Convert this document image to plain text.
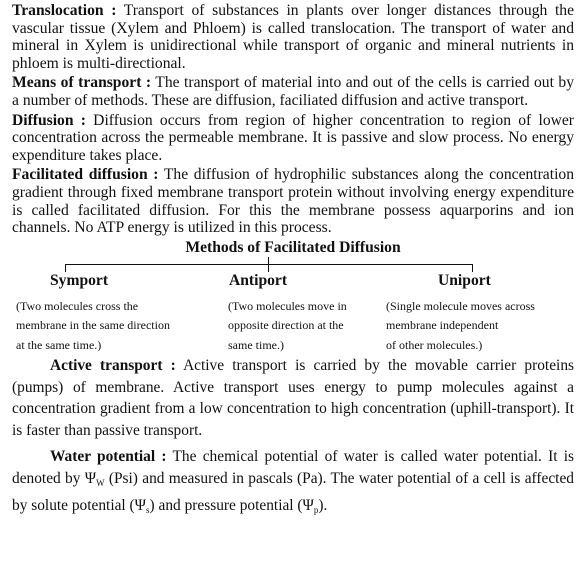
Translocation : Transport of substances in plants over longer distances through the vascular tissue (Xylem and Phloem) is called translocation. The transport of water and mineral in Xylem is unidirectional while transport of organic and mineral nutrients in phloem is multi-directional.

Means of transport : The transport of material into and out of the cells is carried out by a number of methods. These are diffusion, faciliated diffusion and active transport.

Diffusion : Diffusion occurs from region of higher concentration to region of lower concentration across the permeable membrane. It is passive and slow process. No energy expenditure takes place.

Facilitated diffusion : The diffusion of hydrophilic substances along the concentration gradient through fixed membrane transport protein without involving energy expenditure is called facilitated diffusion. For this the membrane possess aquarporins and ion channels. No ATP energy is utilized in this process.

Methods of Facilitated Diffusion
Symport	Antiport	Uniport
(Two molecules cross the
membrane in the same direction
at the same time.)
(Two molecules move in
opposite direction at the
same time.)
(Single molecule moves across
membrane independent
of other molecules.)

Active transport : Active transport is carried by the movable carrier proteins (pumps) of membrane. Active transport uses energy to pump molecules against a concentration gradient from a low concentration to high concentration (uphill-transport). It is faster than passive transport.

Water potential : The chemical potential of water is called water potential. It is denoted by $\Psi_W$ (Psi) and measured in pascals (Pa). The water potential of a cell is affected by solute potential $(\Psi_s)$ and pressure potential $(\Psi_p)$.
